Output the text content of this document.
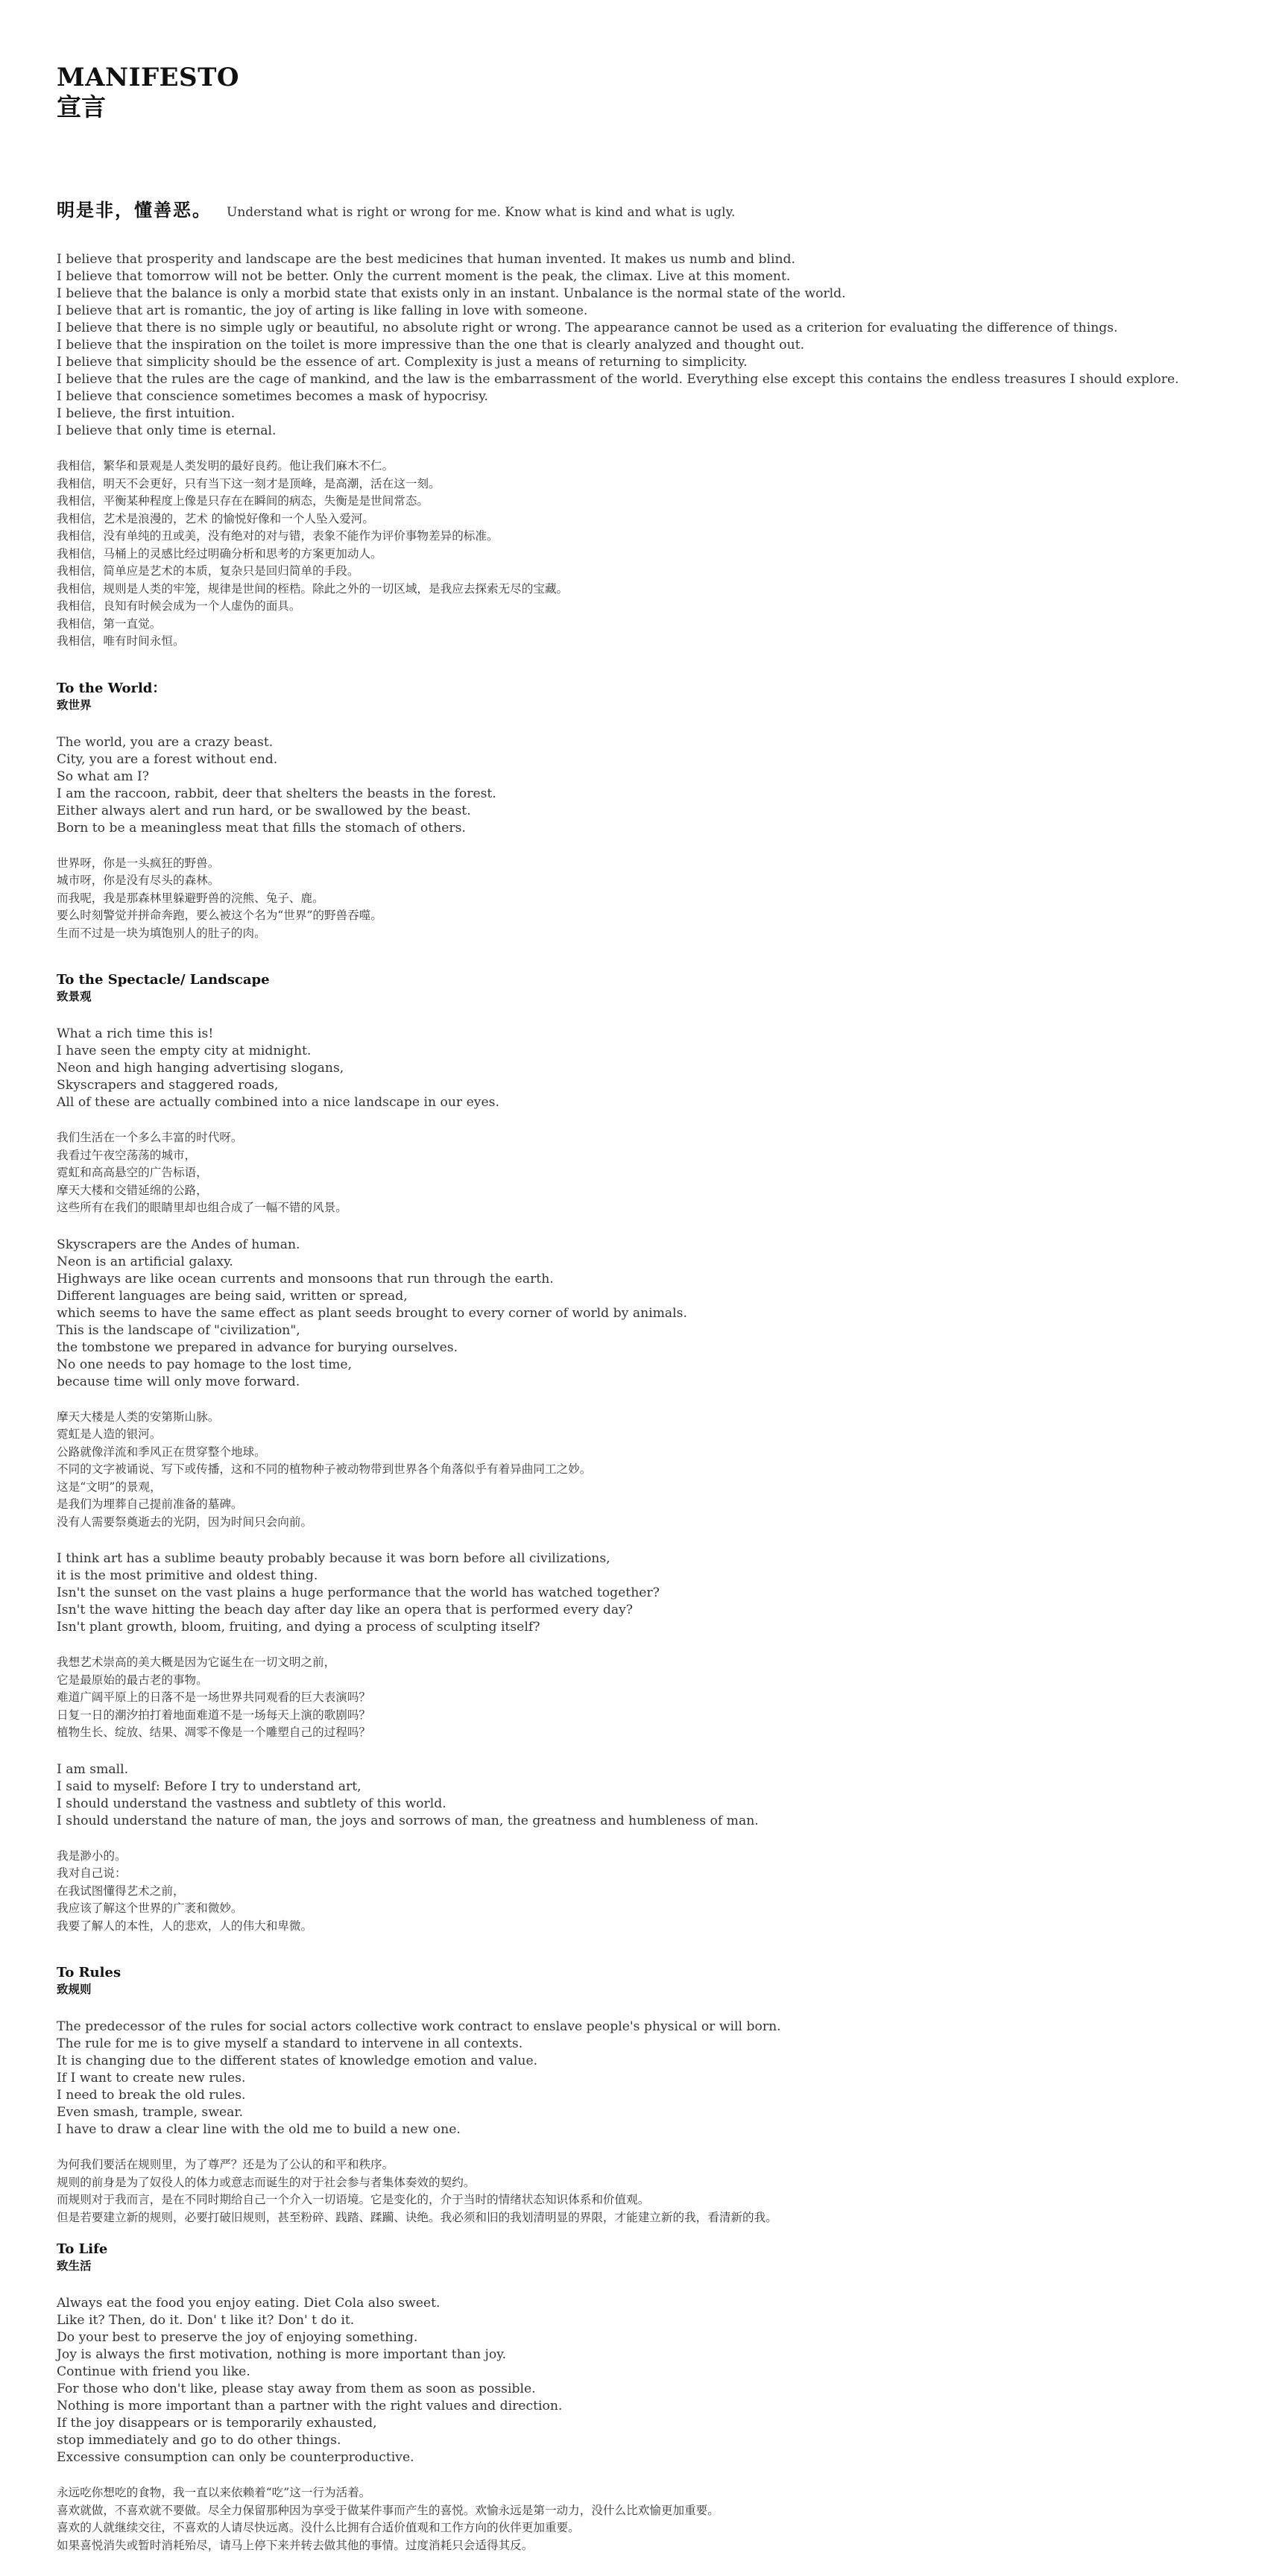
MANIFESTO
宣言
明是非，懂善恶。 Understand what is right or wrong for me. Know what is kind and what is ugly.
I believe that prosperity and landscape are the best medicines that human invented. It makes us numb and blind.
I believe that tomorrow will not be better. Only the current moment is the peak, the climax. Live at this moment.
I believe that the balance is only a morbid state that exists only in an instant. Unbalance is the normal state of the world.
I believe that art is romantic, the joy of arting is like falling in love with someone.
I believe that there is no simple ugly or beautiful, no absolute right or wrong. The appearance cannot be used as a criterion for evaluating the difference of things.
I believe that the inspiration on the toilet is more impressive than the one that is clearly analyzed and thought out.
I believe that simplicity should be the essence of art. Complexity is just a means of returning to simplicity.
I believe that the rules are the cage of mankind, and the law is the embarrassment of the world. Everything else except this contains the endless treasures I should explore.
I believe that conscience sometimes becomes a mask of hypocrisy.
I believe, the first intuition.
I believe that only time is eternal.
我相信，繁华和景观是人类发明的最好良药。他让我们麻木不仁。
我相信，明天不会更好，只有当下这一刻才是顶峰，是高潮，活在这一刻。
我相信，平衡某种程度上像是只存在在瞬间的病态，失衡是是世间常态。
我相信，艺术是浪漫的，艺术 的愉悦好像和一个人坠入爱河。
我相信，没有单纯的丑或美，没有绝对的对与错，表象不能作为评价事物差异的标准。
我相信，马桶上的灵感比经过明确分析和思考的方案更加动人。
我相信，简单应是艺术的本质，复杂只是回归简单的手段。
我相信，规则是人类的牢笼，规律是世间的桎梏。除此之外的一切区域，是我应去探索无尽的宝藏。
我相信，良知有时候会成为一个人虚伪的面具。
我相信，第一直觉。
我相信，唯有时间永恒。
To the World：
致世界
The world, you are a crazy beast.
City, you are a forest without end.
So what am I?
I am the raccoon, rabbit, deer that shelters the beasts in the forest.
Either always alert and run hard, or be swallowed by the beast.
Born to be a meaningless meat that fills the stomach of others.
世界呀，你是一头疯狂的野兽。
城市呀，你是没有尽头的森林。
而我呢，我是那森林里躲避野兽的浣熊、兔子、鹿。
要么时刻警觉并拼命奔跑，要么被这个名为“世界”的野兽吞噬。
生而不过是一块为填饱别人的肚子的肉。
To the Spectacle/ Landscape
致景观
What a rich time this is!
I have seen the empty city at midnight.
Neon and high hanging advertising slogans,
Skyscrapers and staggered roads,
All of these are actually combined into a nice landscape in our eyes.
我们生活在一个多么丰富的时代呀。
我看过午夜空荡荡的城市，
霓虹和高高悬空的广告标语，
摩天大楼和交错延绵的公路，
这些所有在我们的眼睛里却也组合成了一幅不错的风景。
Skyscrapers are the Andes of human.
Neon is an artificial galaxy.
Highways are like ocean currents and monsoons that run through the earth.
Different languages are being said, written or spread,
which seems to have the same effect as plant seeds brought to every corner of world by animals.
This is the landscape of "civilization",
the tombstone we prepared in advance for burying ourselves.
No one needs to pay homage to the lost time,
because time will only move forward.
摩天大楼是人类的安第斯山脉。
霓虹是人造的银河。
公路就像洋流和季风正在贯穿整个地球。
不同的文字被诵说、写下或传播，这和不同的植物种子被动物带到世界各个角落似乎有着异曲同工之妙。
这是“文明”的景观，
是我们为埋葬自己提前准备的墓碑。
没有人需要祭奠逝去的光阴，因为时间只会向前。
I think art has a sublime beauty probably because it was born before all civilizations,
it is the most primitive and oldest thing.
Isn't the sunset on the vast plains a huge performance that the world has watched together?
Isn't the wave hitting the beach day after day like an opera that is performed every day?
Isn't plant growth, bloom, fruiting, and dying a process of sculpting itself?
我想艺术崇高的美大概是因为它诞生在一切文明之前，
它是最原始的最古老的事物。
难道广阔平原上的日落不是一场世界共同观看的巨大表演吗？
日复一日的潮汐拍打着地面难道不是一场每天上演的歌剧吗？
植物生长、绽放、结果、凋零不像是一个雕塑自己的过程吗？
I am small.
I said to myself: Before I try to understand art,
I should understand the vastness and subtlety of this world.
I should understand the nature of man, the joys and sorrows of man, the greatness and humbleness of man.
我是渺小的。
我对自己说：
在我试图懂得艺术之前，
我应该了解这个世界的广袤和微妙。
我要了解人的本性，人的悲欢，人的伟大和卑微。
To Rules
致规则
The predecessor of the rules for social actors collective work contract to enslave people's physical or will born.
The rule for me is to give myself a standard to intervene in all contexts.
It is changing due to the different states of knowledge emotion and value.
If I want to create new rules.
I need to break the old rules.
Even smash, trample, swear.
I have to draw a clear line with the old me to build a new one.
为何我们要活在规则里，为了尊严？还是为了公认的和平和秩序。
规则的前身是为了奴役人的体力或意志而诞生的对于社会参与者集体奏效的契约。
而规则对于我而言，是在不同时期给自己一个介入一切语境。它是变化的，介于当时的情绪状态知识体系和价值观。
但是若要建立新的规则，必要打破旧规则，甚至粉碎、践踏、蹂躏、诀绝。我必须和旧的我划清明显的界限，才能建立新的我，看清新的我。
To Life
致生活
Always eat the food you enjoy eating. Diet Cola also sweet.
Like it? Then, do it. Don' t like it? Don' t do it.
Do your best to preserve the joy of enjoying something.
Joy is always the first motivation, nothing is more important than joy.
Continue with friend you like.
For those who don't like, please stay away from them as soon as possible.
Nothing is more important than a partner with the right values and direction.
If the joy disappears or is temporarily exhausted,
stop immediately and go to do other things.
Excessive consumption can only be counterproductive.
永远吃你想吃的食物，我一直以来依赖着“吃”这一行为活着。
喜欢就做，不喜欢就不要做。尽全力保留那种因为享受于做某件事而产生的喜悦。欢愉永远是第一动力，没什么比欢愉更加重要。
喜欢的人就继续交往，不喜欢的人请尽快远离。没什么比拥有合适价值观和工作方向的伙伴更加重要。
如果喜悦消失或暂时消耗殆尽，请马上停下来并转去做其他的事情。过度消耗只会适得其反。
